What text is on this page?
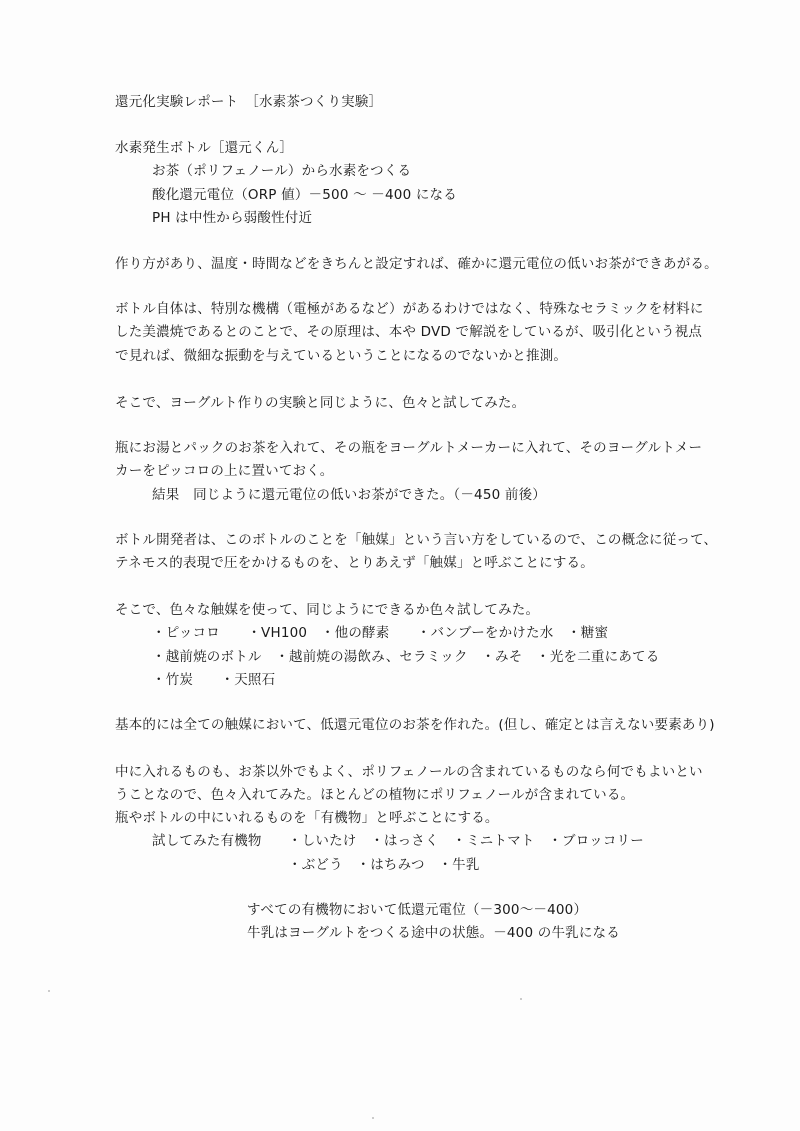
還元化実験レポート　［水素茶つくり実験］
水素発生ボトル［還元くん］
お茶（ポリフェノール）から水素をつくる
酸化還元電位（ORP 値）－500 ～ －400 になる
PH は中性から弱酸性付近
作り方があり、温度・時間などをきちんと設定すれば、確かに還元電位の低いお茶ができあがる。
ボトル自体は、特別な機構（電極があるなど）があるわけではなく、特殊なセラミックを材料に
した美濃焼であるとのことで、その原理は、本や DVD で解説をしているが、吸引化という視点
で見れば、微細な振動を与えているということになるのでないかと推測。
そこで、ヨーグルト作りの実験と同じように、色々と試してみた。
瓶にお湯とパックのお茶を入れて、その瓶をヨーグルトメーカーに入れて、そのヨーグルトメー
カーをピッコロの上に置いておく。
結果　同じように還元電位の低いお茶ができた。（－450 前後）
ボトル開発者は、このボトルのことを「触媒」という言い方をしているので、この概念に従って、
テネモス的表現で圧をかけるものを、とりあえず「触媒」と呼ぶことにする。
そこで、色々な触媒を使って、同じようにできるか色々試してみた。
・ピッコロ　　・VH100　・他の酵素　　・バンブーをかけた水　・糖蜜
・越前焼のボトル　・越前焼の湯飲み、セラミック　・みそ　・光を二重にあてる
・竹炭　　・天照石
基本的には全ての触媒において、低還元電位のお茶を作れた。(但し、確定とは言えない要素あり)
中に入れるものも、お茶以外でもよく、ポリフェノールの含まれているものなら何でもよいとい
うことなので、色々入れてみた。ほとんどの植物にポリフェノールが含まれている。
瓶やボトルの中にいれるものを「有機物」と呼ぶことにする。
試してみた有機物 ・しいたけ　・はっさく　・ミニトマト　・ブロッコリー
・ぶどう　・はちみつ　・牛乳
すべての有機物において低還元電位（－300～－400）
牛乳はヨーグルトをつくる途中の状態。－400 の牛乳になる
